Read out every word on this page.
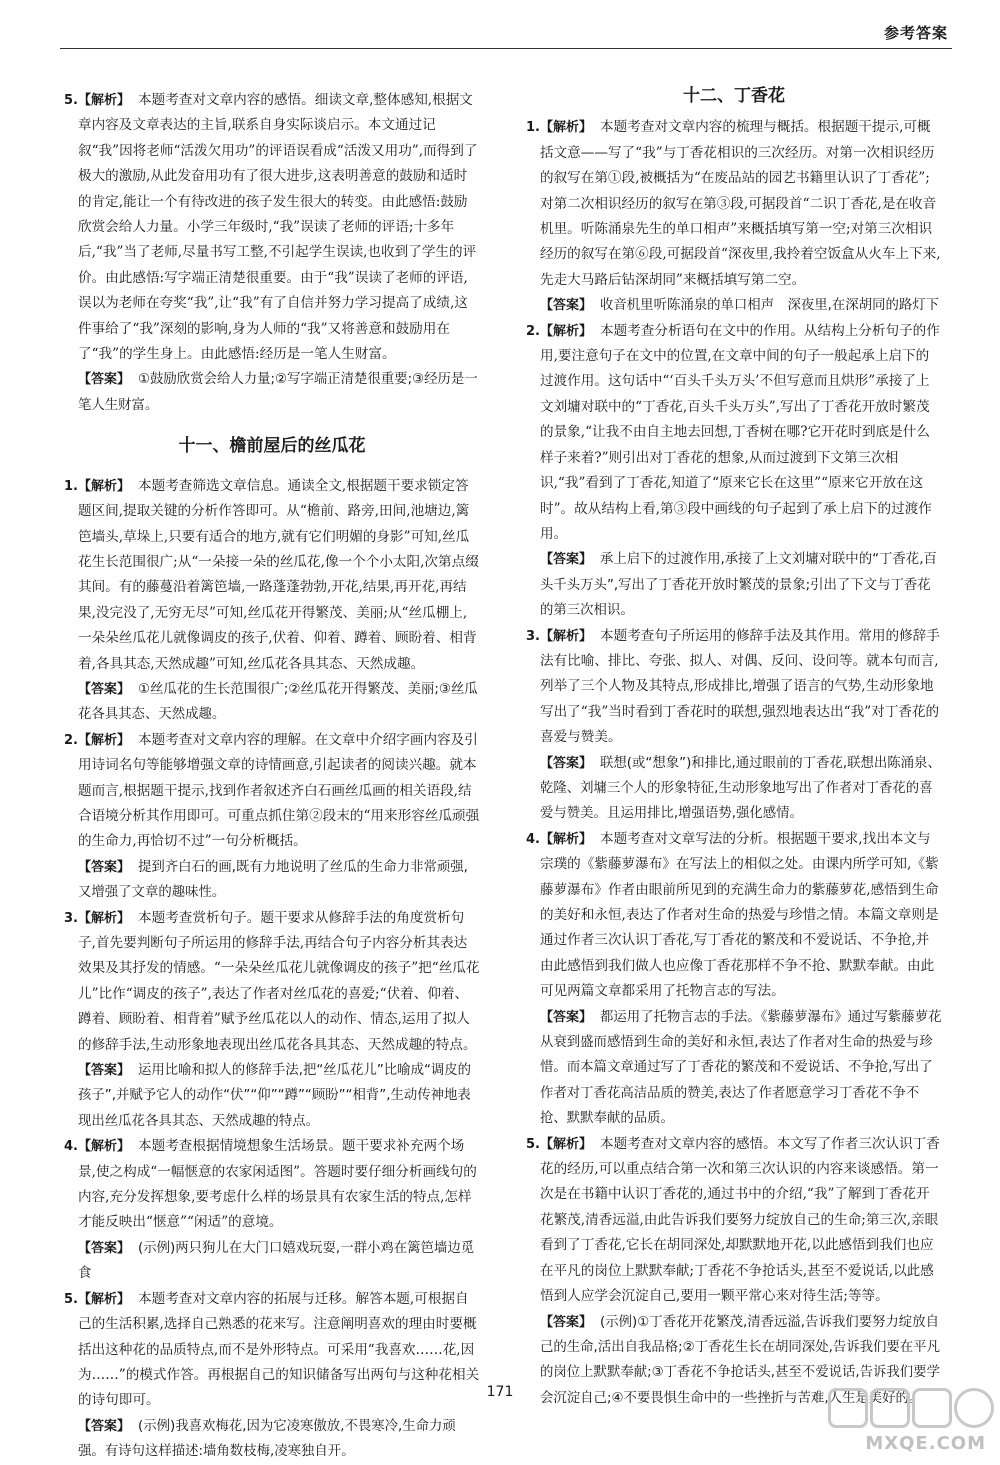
参考答案
5. 【解析】 本题考查对文章内容的感悟。细读文章,整体感知,根据文章内容及文章表达的主旨,联系自身实际谈启示。本文通过记叙“我”因将老师“活泼欠用功”的评语误看成“活泼又用功”,而得到了极大的激励,从此发奋用功有了很大进步,这表明善意的鼓励和适时的肯定,能让一个有待改进的孩子发生很大的转变。由此感悟:鼓励欣赏会给人力量。小学三年级时,“我”误读了老师的评语;十多年后,“我”当了老师,尽量书写工整,不引起学生误读,也收到了学生的评价。由此感悟:写字端正清楚很重要。由于“我”误读了老师的评语,误以为老师在夸奖“我”,让“我”有了自信并努力学习提高了成绩,这件事给了“我”深刻的影响,身为人师的“我”又将善意和鼓励用在了“我”的学生身上。由此感悟:经历是一笔人生财富。
【答案】 ①鼓励欣赏会给人力量;②写字端正清楚很重要;③经历是一笔人生财富。
十一、檐前屋后的丝瓜花
1. 【解析】 本题考查筛选文章信息。通读全文,根据题干要求锁定答题区间,提取关键的分析作答即可。从“檐前、路旁,田间,池塘边,篱笆墙头,草垛上,只要有适合的地方,就有它们明媚的身影”可知,丝瓜花生长范围很广;从“一朵接一朵的丝瓜花,像一个个小太阳,次第点缀其间。有的藤蔓沿着篱笆墙,一路蓬蓬勃勃,开花,结果,再开花,再结果,没完没了,无穷无尽”可知,丝瓜花开得繁茂、美丽;从“丝瓜棚上,一朵朵丝瓜花儿就像调皮的孩子,伏着、仰着、蹲着、顾盼着、相背着,各具其态,天然成趣”可知,丝瓜花各具其态、天然成趣。
【答案】 ①丝瓜花的生长范围很广;②丝瓜花开得繁茂、美丽;③丝瓜花各具其态、天然成趣。
2. 【解析】 本题考查对文章内容的理解。在文章中介绍字画内容及引用诗词名句等能够增强文章的诗情画意,引起读者的阅读兴趣。就本题而言,根据题干提示,找到作者叙述齐白石画丝瓜画的相关语段,结合语境分析其作用即可。可重点抓住第②段末的“用来形容丝瓜顽强的生命力,再恰切不过”一句分析概括。
【答案】 提到齐白石的画,既有力地说明了丝瓜的生命力非常顽强,又增强了文章的趣味性。
3. 【解析】 本题考查赏析句子。题干要求从修辞手法的角度赏析句子,首先要判断句子所运用的修辞手法,再结合句子内容分析其表达效果及其抒发的情感。“一朵朵丝瓜花儿就像调皮的孩子”把“丝瓜花儿”比作“调皮的孩子”,表达了作者对丝瓜花的喜爱;“伏着、仰着、蹲着、顾盼着、相背着”赋予丝瓜花以人的动作、情态,运用了拟人的修辞手法,生动形象地表现出丝瓜花各具其态、天然成趣的特点。
【答案】 运用比喻和拟人的修辞手法,把“丝瓜花儿”比喻成“调皮的孩子”,并赋予它人的动作“伏”“仰”“蹲”“顾盼”“相背”,生动传神地表现出丝瓜花各具其态、天然成趣的特点。
4. 【解析】 本题考查根据情境想象生活场景。题干要求补充两个场景,使之构成“一幅惬意的农家闲适图”。答题时要仔细分析画线句的内容,充分发挥想象,要考虑什么样的场景具有农家生活的特点,怎样才能反映出“惬意”“闲适”的意境。
【答案】 (示例)两只狗儿在大门口嬉戏玩耍,一群小鸡在篱笆墙边觅食
5. 【解析】 本题考查对文章内容的拓展与迁移。解答本题,可根据自己的生活积累,选择自己熟悉的花来写。注意阐明喜欢的理由时要概括出这种花的品质特点,而不是外形特点。可采用“我喜欢……花,因为……”的模式作答。再根据自己的知识储备写出两句与这种花相关的诗句即可。
【答案】 (示例)我喜欢梅花,因为它凌寒傲放,不畏寒冷,生命力顽强。有诗句这样描述:墙角数枝梅,凌寒独自开。
十二、丁香花
1. 【解析】 本题考查对文章内容的梳理与概括。根据题干提示,可概括文意——写了“我”与丁香花相识的三次经历。对第一次相识经历的叙写在第①段,被概括为“在废品站的园艺书籍里认识了丁香花”;对第二次相识经历的叙写在第③段,可据段首“二识丁香花,是在收音机里。听陈涌泉先生的单口相声”来概括填写第一空;对第三次相识经历的叙写在第⑥段,可据段首“深夜里,我拎着空饭盒从火车上下来,先走大马路后钻深胡同”来概括填写第二空。
【答案】 收音机里听陈涌泉的单口相声　深夜里,在深胡同的路灯下
2. 【解析】 本题考查分析语句在文中的作用。从结构上分析句子的作用,要注意句子在文中的位置,在文章中间的句子一般起承上启下的过渡作用。这句话中“‘百头千头万头’不但写意而且烘形”承接了上文刘墉对联中的“丁香花,百头千头万头”,写出了丁香花开放时繁茂的景象,“让我不由自主地去回想,丁香树在哪?它开花时到底是什么样子来着?”则引出对丁香花的想象,从而过渡到下文第三次相识,“我”看到了丁香花,知道了“原来它长在这里”“原来它开放在这时”。故从结构上看,第③段中画线的句子起到了承上启下的过渡作用。
【答案】 承上启下的过渡作用,承接了上文刘墉对联中的“丁香花,百头千头万头”,写出了丁香花开放时繁茂的景象;引出了下文与丁香花的第三次相识。
3. 【解析】 本题考查句子所运用的修辞手法及其作用。常用的修辞手法有比喻、排比、夸张、拟人、对偶、反问、设问等。就本句而言,列举了三个人物及其特点,形成排比,增强了语言的气势,生动形象地写出了“我”当时看到丁香花时的联想,强烈地表达出“我”对丁香花的喜爱与赞美。
【答案】 联想(或“想象”)和排比,通过眼前的丁香花,联想出陈涌泉、乾隆、刘墉三个人的形象特征,生动形象地写出了作者对丁香花的喜爱与赞美。且运用排比,增强语势,强化感情。
4. 【解析】 本题考查对文章写法的分析。根据题干要求,找出本文与宗璞的《紫藤萝瀑布》在写法上的相似之处。由课内所学可知,《紫藤萝瀑布》作者由眼前所见到的充满生命力的紫藤萝花,感悟到生命的美好和永恒,表达了作者对生命的热爱与珍惜之情。本篇文章则是通过作者三次认识丁香花,写丁香花的繁茂和不爱说话、不争抢,并由此感悟到我们做人也应像丁香花那样不争不抢、默默奉献。由此可见两篇文章都采用了托物言志的写法。
【答案】 都运用了托物言志的手法。《紫藤萝瀑布》通过写紫藤萝花从衰到盛而感悟到生命的美好和永恒,表达了作者对生命的热爱与珍惜。而本篇文章通过写了丁香花的繁茂和不爱说话、不争抢,写出了作者对丁香花高洁品质的赞美,表达了作者愿意学习丁香花不争不抢、默默奉献的品质。
5. 【解析】 本题考查对文章内容的感悟。本文写了作者三次认识丁香花的经历,可以重点结合第一次和第三次认识的内容来谈感悟。第一次是在书籍中认识丁香花的,通过书中的介绍,“我”了解到丁香花开花繁茂,清香远溢,由此告诉我们要努力绽放自己的生命;第三次,亲眼看到了丁香花,它长在胡同深处,却默默地开花,以此感悟到我们也应在平凡的岗位上默默奉献;丁香花不争抢话头,甚至不爱说话,以此感悟到人应学会沉淀自己,要用一颗平常心来对待生活;等等。
【答案】 (示例)①丁香花开花繁茂,清香远溢,告诉我们要努力绽放自己的生命,活出自我品格;②丁香花生长在胡同深处,告诉我们要在平凡的岗位上默默奉献;③丁香花不争抢话头,甚至不爱说话,告诉我们要学会沉淀自己;④不要畏惧生命中的一些挫折与苦难,人生是美好的。
171
MXQE.COM
